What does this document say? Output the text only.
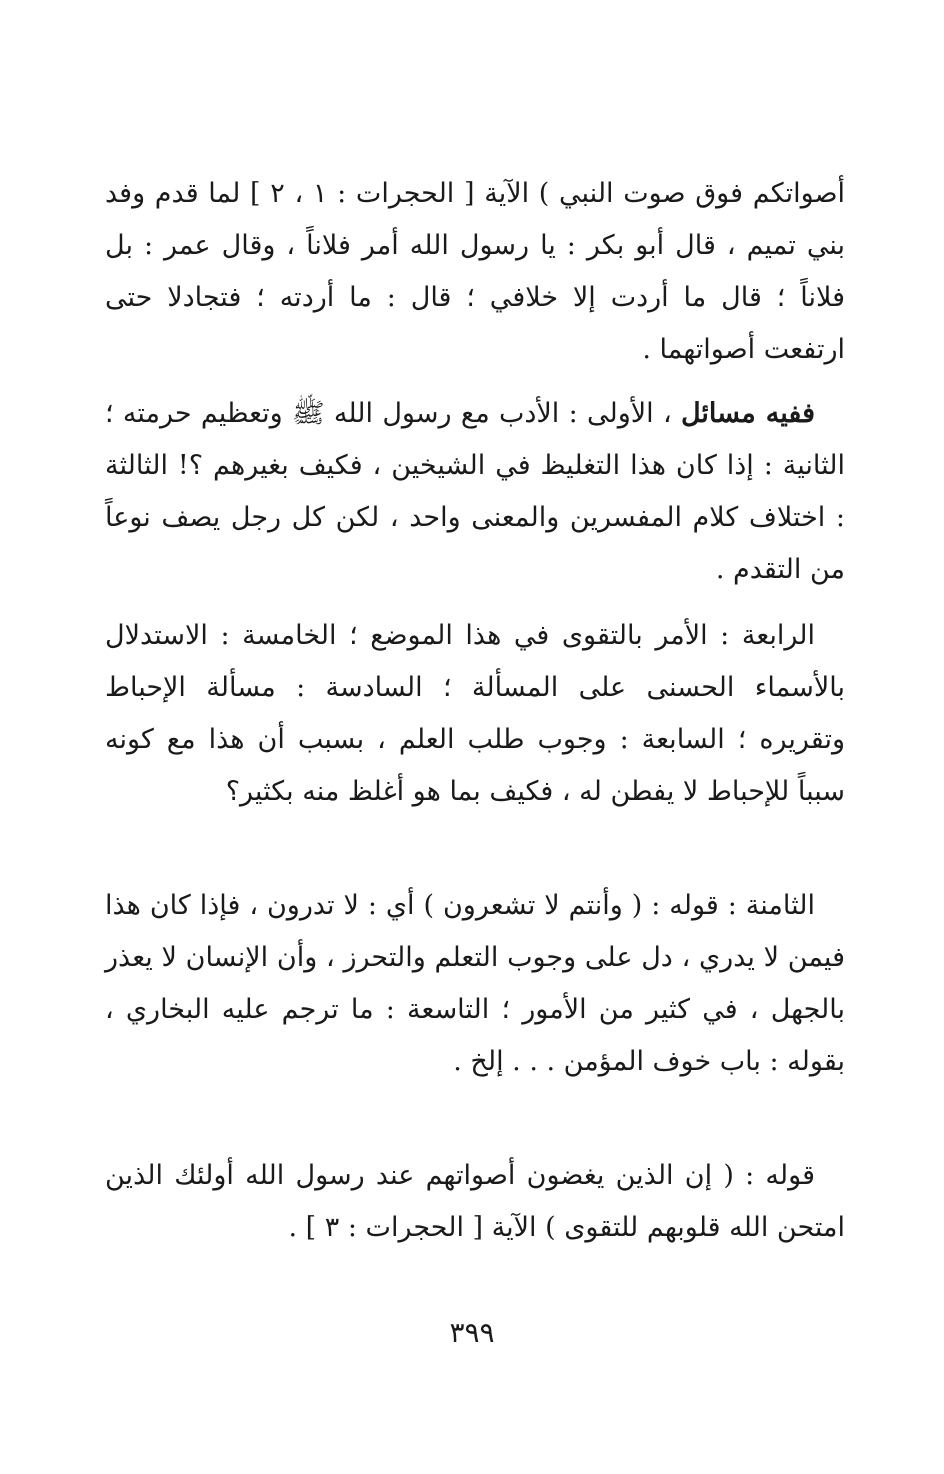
أصواتكم فوق صوت النبي ) الآية [ الحجرات : ١ ، ٢ ] لما قدم وفد بني تميم ، قال أبو بكر : يا رسول الله أمر فلاناً ، وقال عمر : بل فلاناً ؛ قال ما أردت إلا خلافي ؛ قال : ما أردته ؛ فتجادلا حتى ارتفعت أصواتهما .

ففيه مسائل ، الأولى : الأدب مع رسول الله ﷺ وتعظيم حرمته ؛ الثانية : إذا كان هذا التغليظ في الشيخين ، فكيف بغيرهم ؟! الثالثة : اختلاف كلام المفسرين والمعنى واحد ، لكن كل رجل يصف نوعاً من التقدم .

الرابعة : الأمر بالتقوى في هذا الموضع ؛ الخامسة : الاستدلال بالأسماء الحسنى على المسألة ؛ السادسة : مسألة الإحباط وتقريره ؛ السابعة : وجوب طلب العلم ، بسبب أن هذا مع كونه سبباً للإحباط لا يفطن له ، فكيف بما هو أغلظ منه بكثير؟

الثامنة : قوله : ( وأنتم لا تشعرون ) أي : لا تدرون ، فإذا كان هذا فيمن لا يدري ، دل على وجوب التعلم والتحرز ، وأن الإنسان لا يعذر بالجهل ، في كثير من الأمور ؛ التاسعة : ما ترجم عليه البخاري ، بقوله : باب خوف المؤمن . . . إلخ .

قوله : ( إن الذين يغضون أصواتهم عند رسول الله أولئك الذين امتحن الله قلوبهم للتقوى ) الآية [ الحجرات : ٣ ] .

٣٩٩
